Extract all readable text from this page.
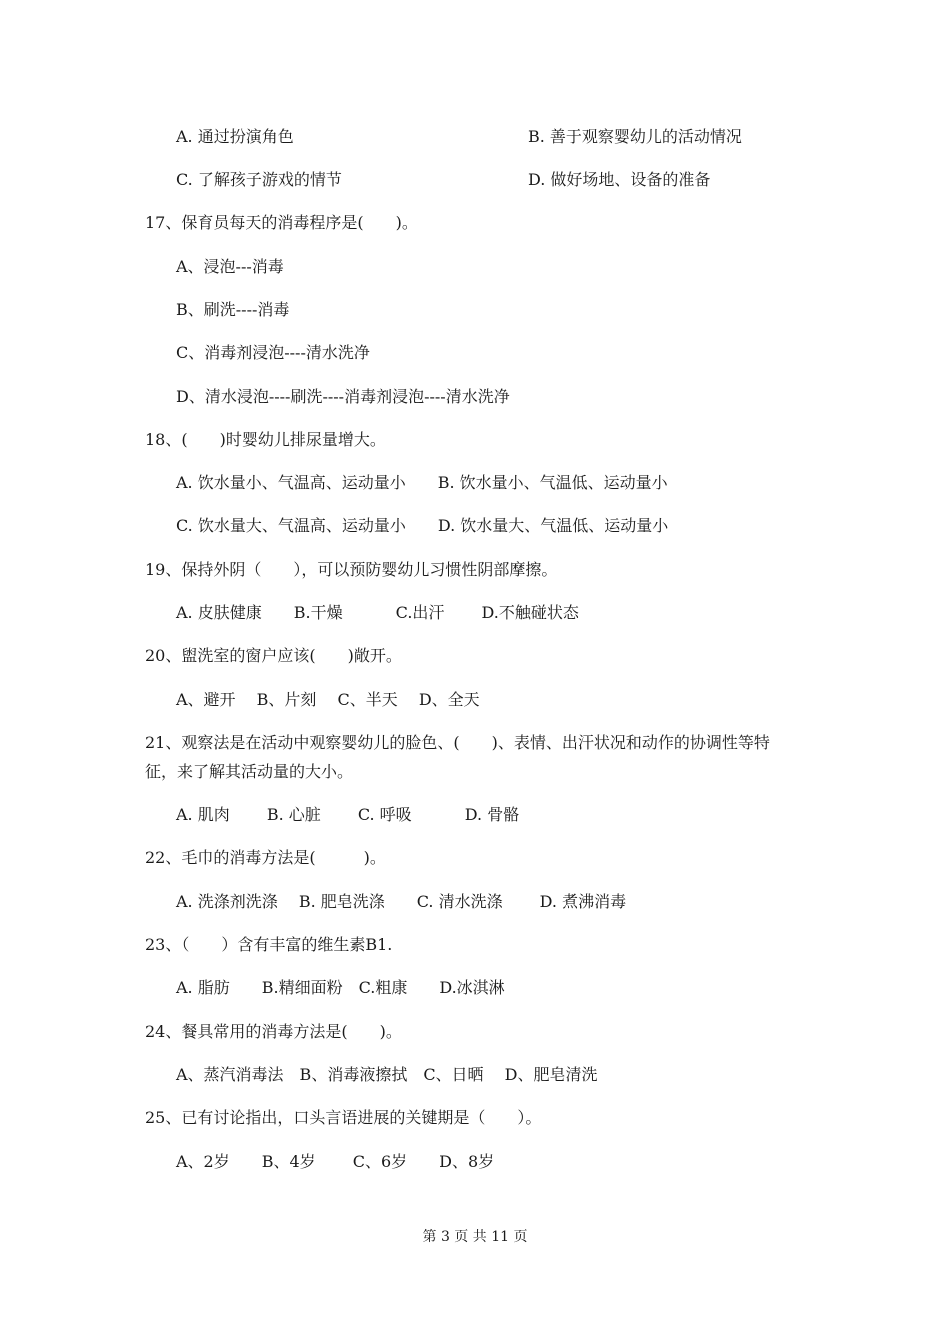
A. 通过扮演角色	B. 善于观察婴幼儿的活动情况
C. 了解孩子游戏的情节	D. 做好场地、设备的准备
17、保育员每天的消毒程序是(　　)。
A、浸泡---消毒
B、刷洗----消毒
C、消毒剂浸泡----清水洗净
D、清水浸泡----刷洗----消毒剂浸泡----清水洗净
18、(　　)时婴幼儿排尿量增大。
A. 饮水量小、气温高、运动量小　　B. 饮水量小、气温低、运动量小
C. 饮水量大、气温高、运动量小　　D. 饮水量大、气温低、运动量小
19、保持外阴（　　），可以预防婴幼儿习惯性阴部摩擦。
A. 皮肤健康　　B.干燥　　　 C.出汗　　 D.不触碰状态
20、盥洗室的窗户应该(　　)敞开。
A、避开　 B、片刻　 C、半天　 D、全天
21、观察法是在活动中观察婴幼儿的脸色、(　　)、表情、出汗状况和动作的协调性等特
征，来了解其活动量的大小。
A. 肌肉　　 B. 心脏　　 C. 呼吸　　　 D. 骨骼
22、毛巾的消毒方法是(　　　)。
A. 洗涤剂洗涤　 B. 肥皂洗涤　　C. 清水洗涤　　 D. 煮沸消毒
23、（　　）含有丰富的维生素B1.
A. 脂肪　　B.精细面粉　C.粗康　　D.冰淇淋
24、餐具常用的消毒方法是(　　)。
A、蒸汽消毒法　B、消毒液擦拭　C、日晒　 D、肥皂清洗
25、已有讨论指出，口头言语进展的关键期是（　　）。
A、2岁　　B、4岁　　 C、6岁　　D、8岁
第 3 页 共 11 页
